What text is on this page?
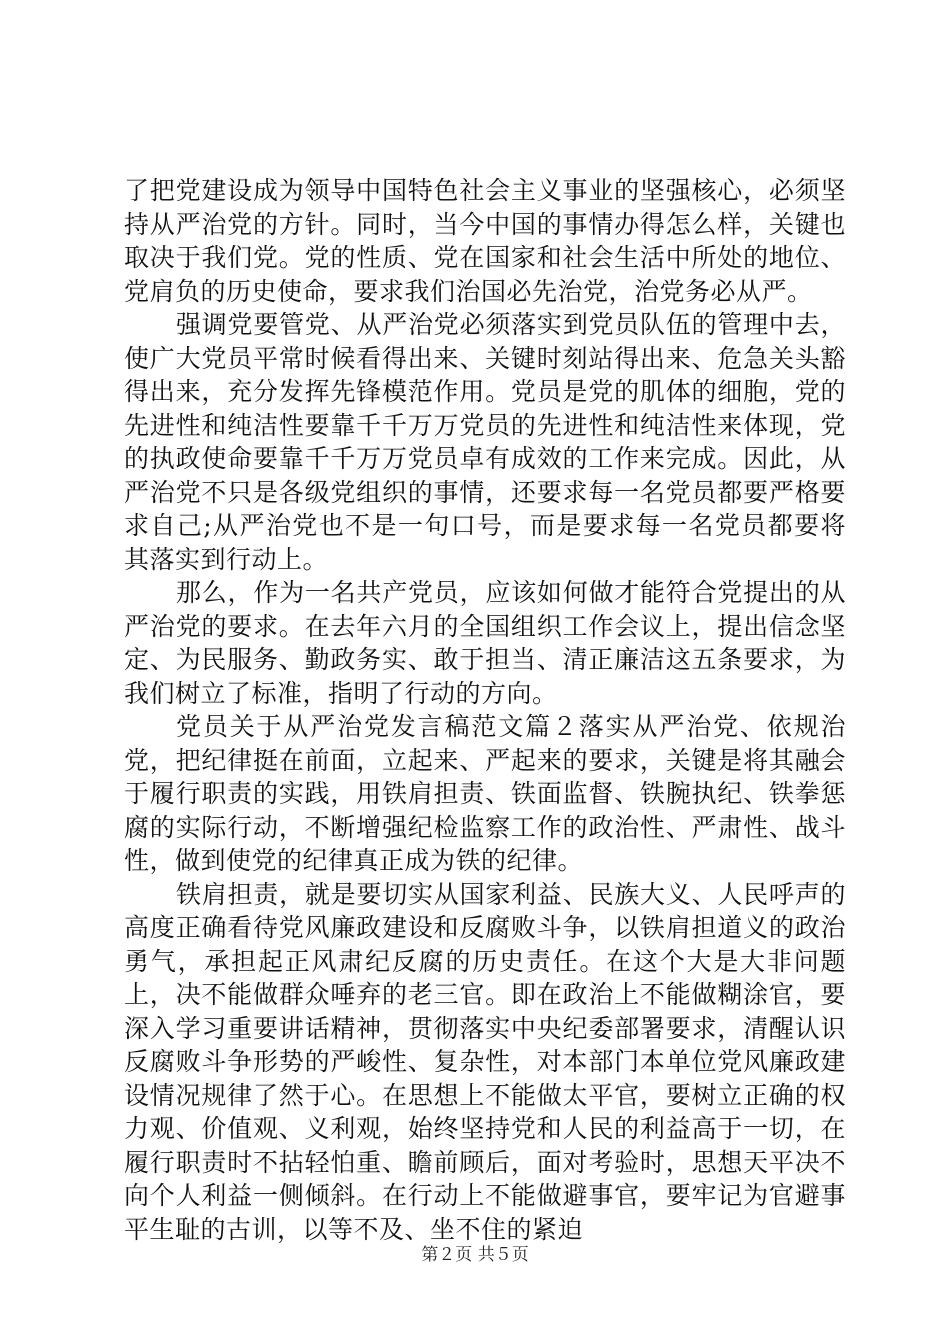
了把党建设成为领导中国特色社会主义事业的坚强核心，必须坚持从严治党的方针。同时，当今中国的事情办得怎么样，关键也取决于我们党。党的性质、党在国家和社会生活中所处的地位、党肩负的历史使命，要求我们治国必先治党，治党务必从严。

强调党要管党、从严治党必须落实到党员队伍的管理中去，使广大党员平常时候看得出来、关键时刻站得出来、危急关头豁得出来，充分发挥先锋模范作用。党员是党的肌体的细胞，党的先进性和纯洁性要靠千千万万党员的先进性和纯洁性来体现，党的执政使命要靠千千万万党员卓有成效的工作来完成。因此，从严治党不只是各级党组织的事情，还要求每一名党员都要严格要求自己;从严治党也不是一句口号，而是要求每一名党员都要将其落实到行动上。

那么，作为一名共产党员，应该如何做才能符合党提出的从严治党的要求。在去年六月的全国组织工作会议上，提出信念坚定、为民服务、勤政务实、敢于担当、清正廉洁这五条要求，为我们树立了标准，指明了行动的方向。

党员关于从严治党发言稿范文篇２落实从严治党、依规治党，把纪律挺在前面，立起来、严起来的要求，关键是将其融会于履行职责的实践，用铁肩担责、铁面监督、铁腕执纪、铁拳惩腐的实际行动，不断增强纪检监察工作的政治性、严肃性、战斗性，做到使党的纪律真正成为铁的纪律。

铁肩担责，就是要切实从国家利益、民族大义、人民呼声的高度正确看待党风廉政建设和反腐败斗争，以铁肩担道义的政治勇气，承担起正风肃纪反腐的历史责任。在这个大是大非问题上，决不能做群众唾弃的老三官。即在政治上不能做糊涂官，要深入学习重要讲话精神，贯彻落实中央纪委部署要求，清醒认识反腐败斗争形势的严峻性、复杂性，对本部门本单位党风廉政建设情况规律了然于心。在思想上不能做太平官，要树立正确的权力观、价值观、义利观，始终坚持党和人民的利益高于一切，在履行职责时不拈轻怕重、瞻前顾后，面对考验时，思想天平决不向个人利益一侧倾斜。在行动上不能做避事官，要牢记为官避事平生耻的古训，以等不及、坐不住的紧迫

第２页 共５页
